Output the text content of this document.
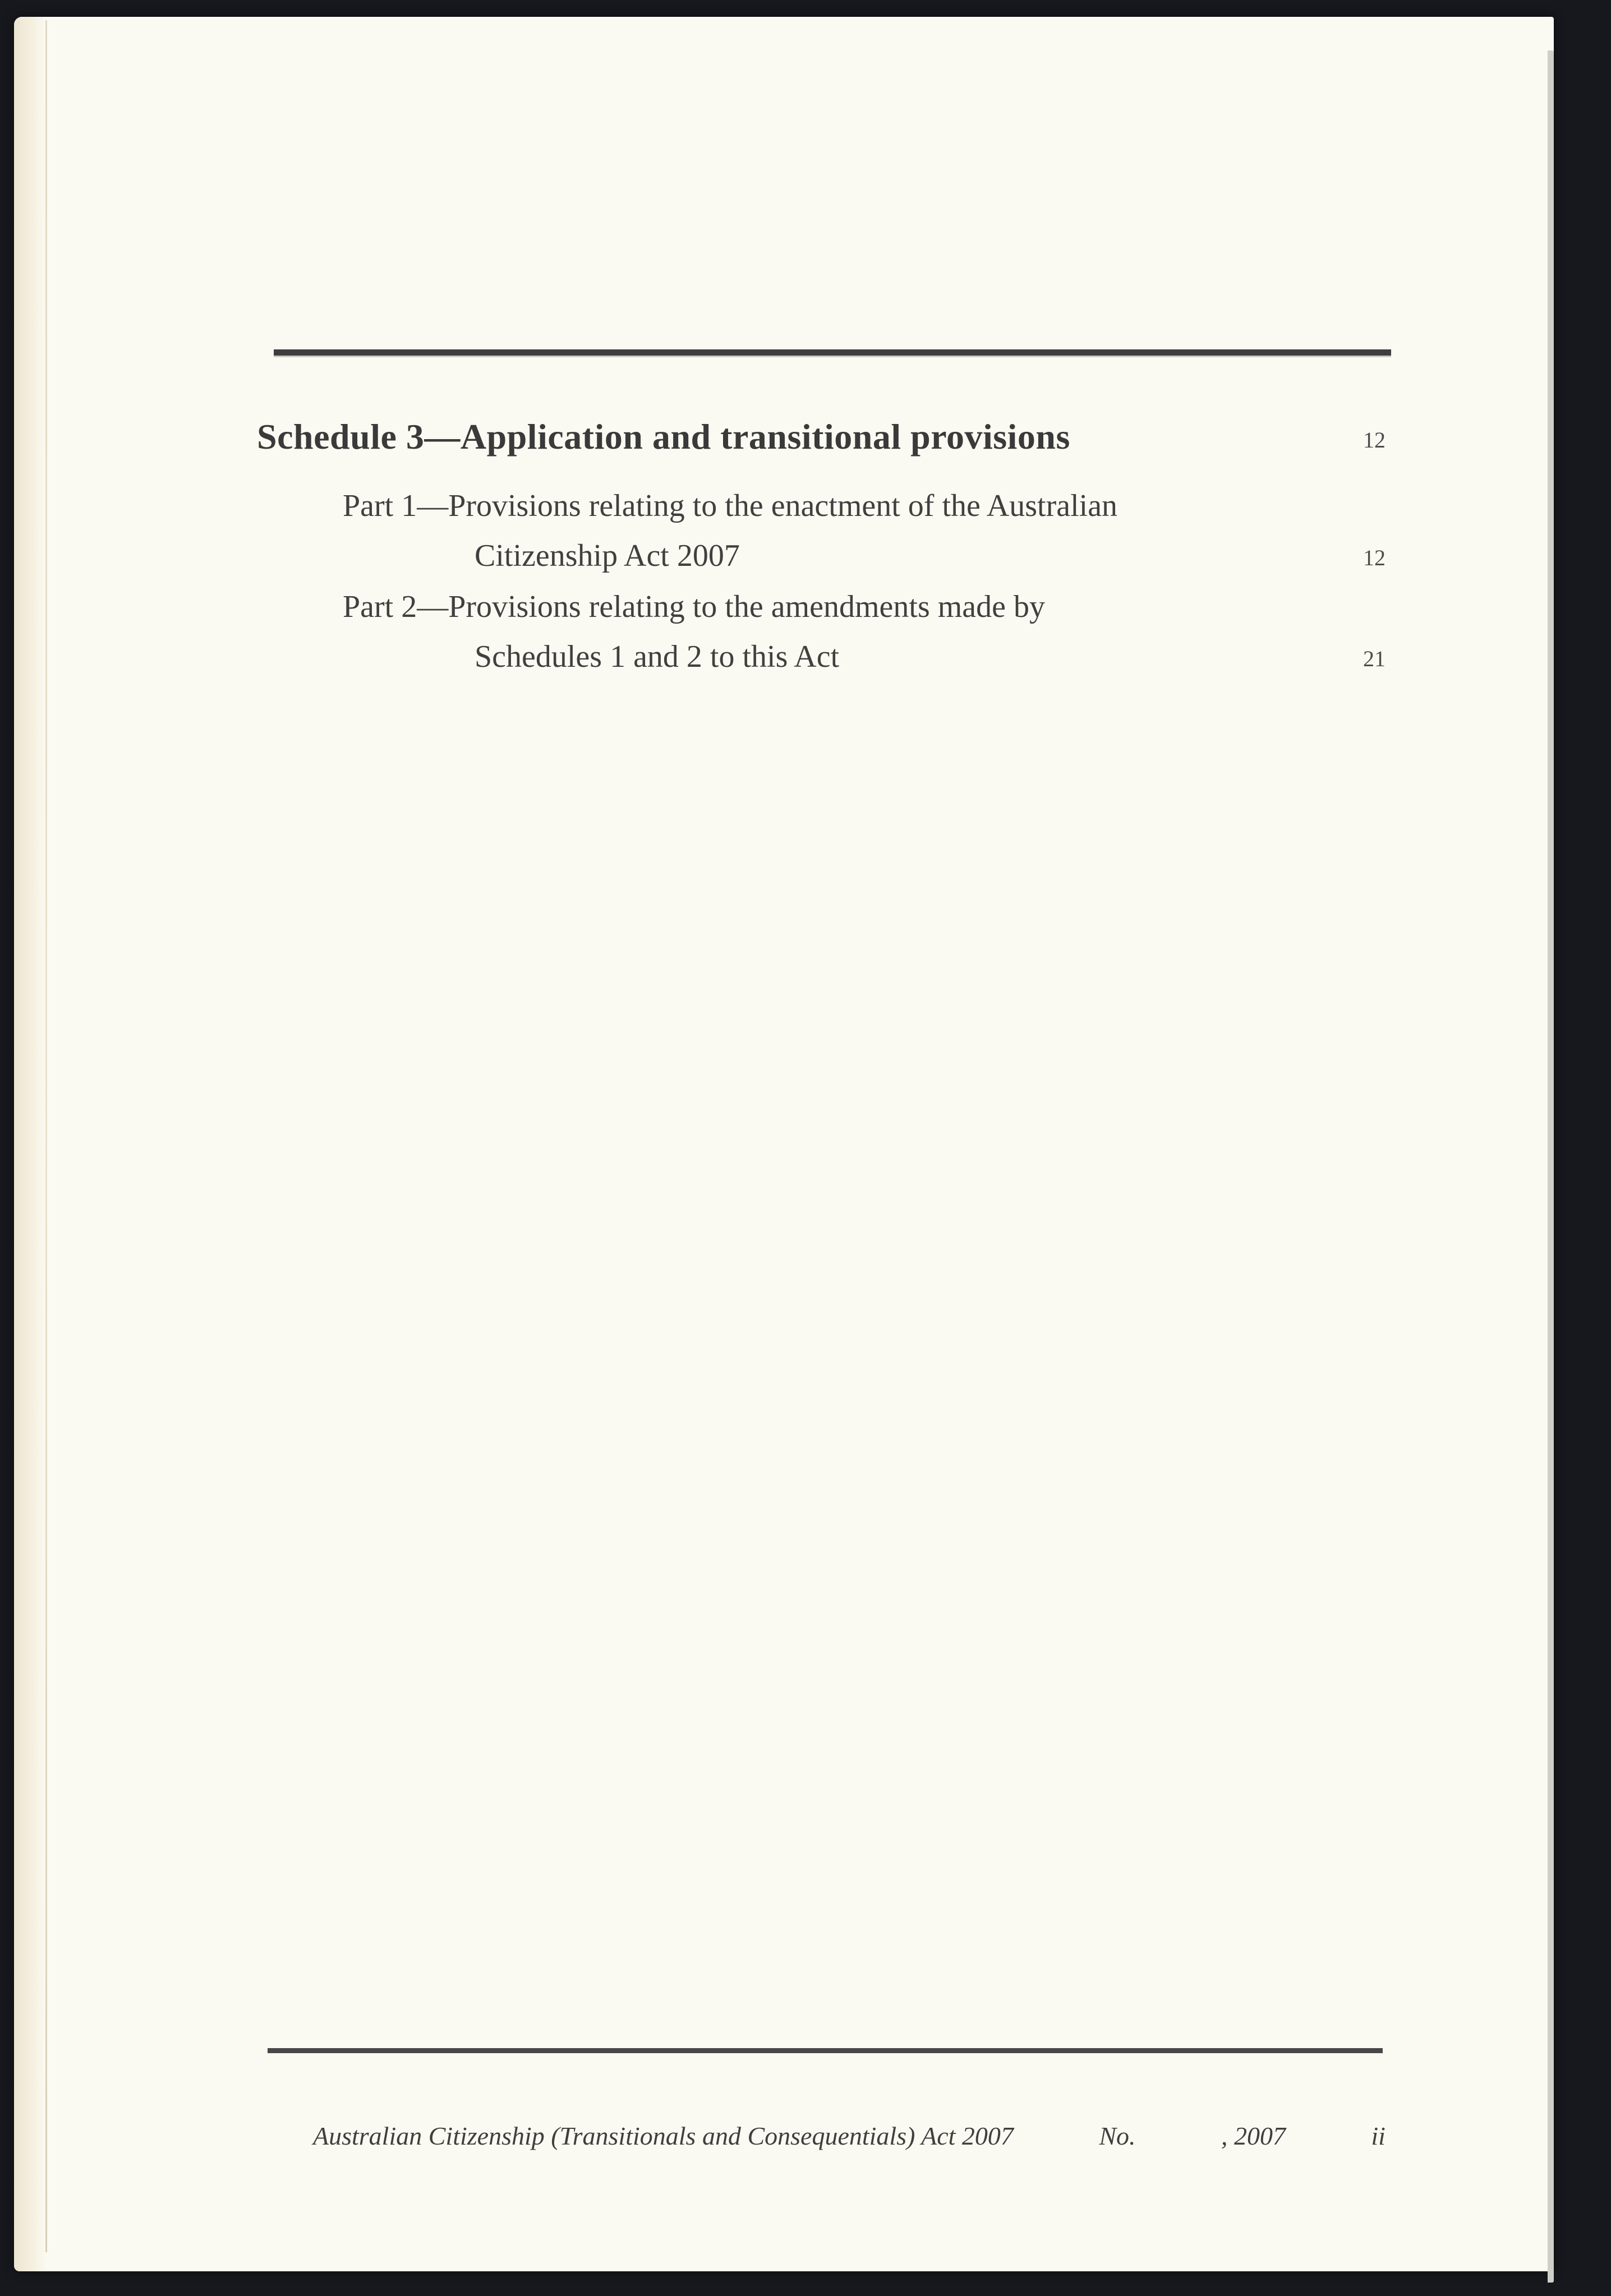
Schedule 3—Application and transitional provisions	12
Part 1—Provisions relating to the enactment of the Australian
Citizenship Act 2007	12
Part 2—Provisions relating to the amendments made by
Schedules 1 and 2 to this Act	21
Australian Citizenship (Transitionals and Consequentials) Act 2007	No.	, 2007	ii
